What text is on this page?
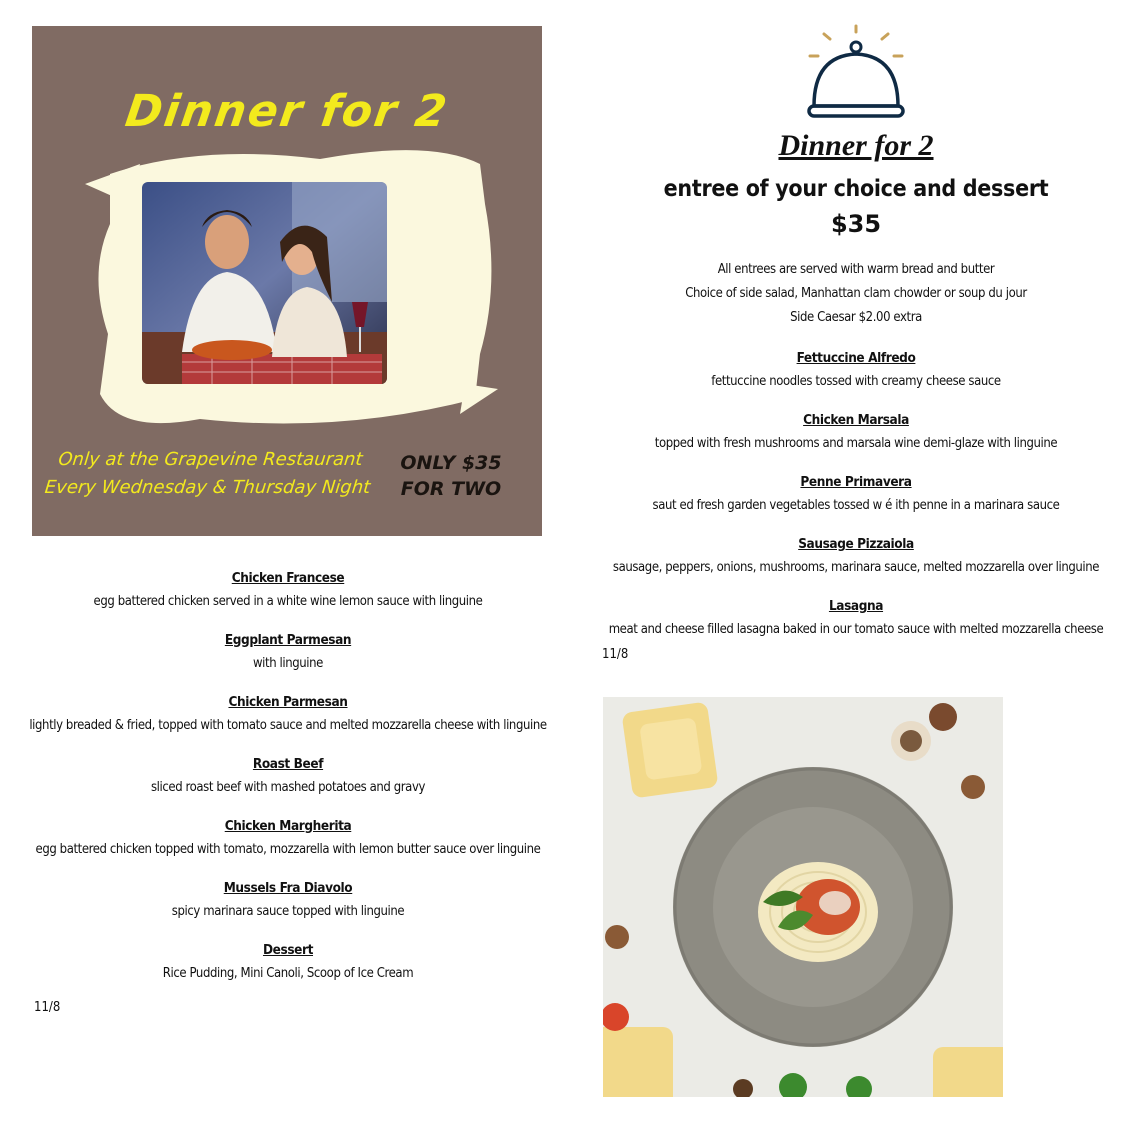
Dinner for 2
Only at the Grapevine Restaurant
Every Wednesday & Thursday Night
ONLY $35
FOR TWO
Dinner for 2
entree of your choice and dessert
$35
All entrees are served with warm bread and butter
Choice of side salad, Manhattan clam chowder or soup du jour
Side Caesar $2.00 extra
Fettuccine Alfredo
fettuccine noodles tossed with creamy cheese sauce
Chicken Marsala
topped with fresh mushrooms and marsala wine demi-glaze with linguine
Penne Primavera
saut ed fresh garden vegetables tossed w é ith penne in a marinara sauce
Sausage Pizzaiola
sausage, peppers, onions, mushrooms, marinara sauce, melted mozzarella over linguine
Lasagna
meat and cheese filled lasagna baked in our tomato sauce with melted mozzarella cheese
11/8
Chicken Francese
egg battered chicken served in a white wine lemon sauce with linguine
Eggplant Parmesan
with linguine
Chicken Parmesan
lightly breaded & fried, topped with tomato sauce and melted mozzarella cheese with linguine
Roast Beef
sliced roast beef with mashed potatoes and gravy
Chicken Margherita
egg battered chicken topped with tomato, mozzarella with lemon butter sauce over linguine
Mussels Fra Diavolo
spicy marinara sauce topped with linguine
Dessert
Rice Pudding, Mini Canoli, Scoop of Ice Cream
11/8
